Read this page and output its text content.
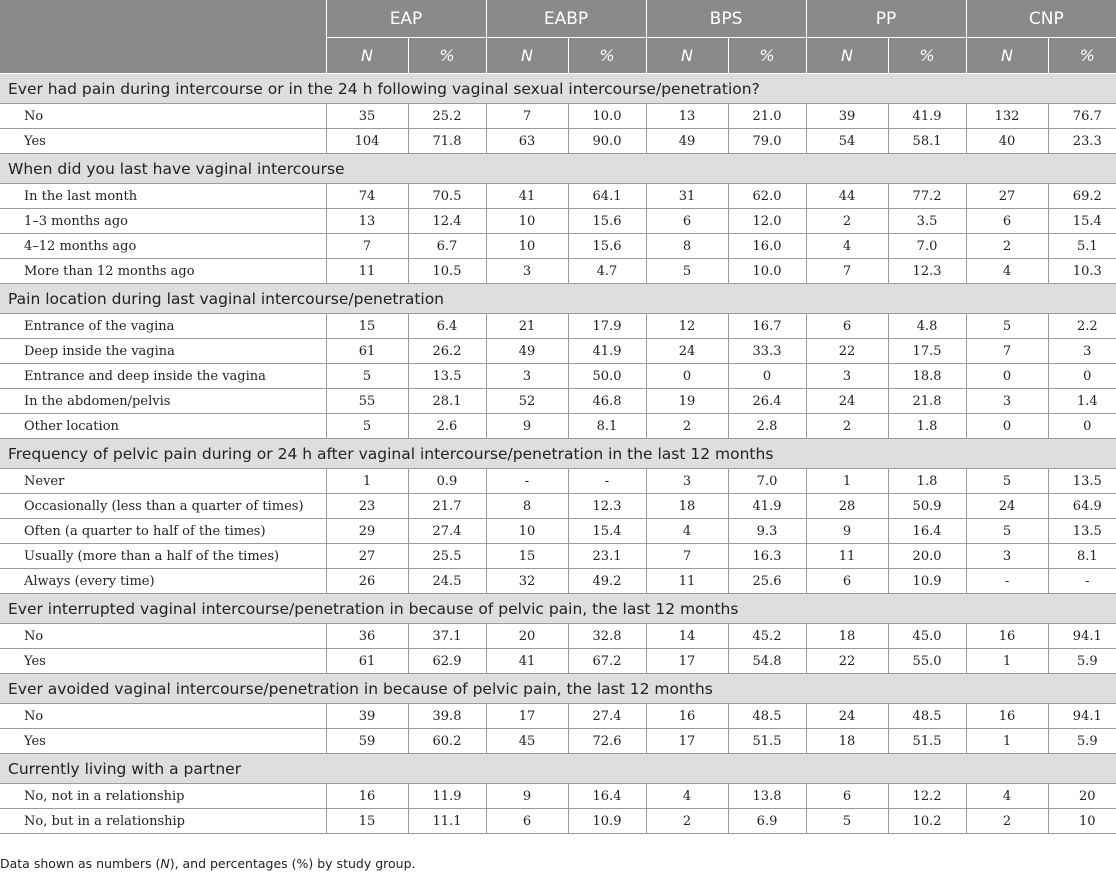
	EAP		EABP		BPS		PP		CNP	
	N	%	N	%	N	%	N	%	N	%
Ever had pain during intercourse or in the 24 h following vaginal sexual intercourse/penetration?										
No	35	25.2	7	10.0	13	21.0	39	41.9	132	76.7
Yes	104	71.8	63	90.0	49	79.0	54	58.1	40	23.3
When did you last have vaginal intercourse										
In the last month	74	70.5	41	64.1	31	62.0	44	77.2	27	69.2
1–3 months ago	13	12.4	10	15.6	6	12.0	2	3.5	6	15.4
4–12 months ago	7	6.7	10	15.6	8	16.0	4	7.0	2	5.1
More than 12 months ago	11	10.5	3	4.7	5	10.0	7	12.3	4	10.3
Pain location during last vaginal intercourse/penetration										
Entrance of the vagina	15	6.4	21	17.9	12	16.7	6	4.8	5	2.2
Deep inside the vagina	61	26.2	49	41.9	24	33.3	22	17.5	7	3
Entrance and deep inside the vagina	5	13.5	3	50.0	0	0	3	18.8	0	0
In the abdomen/pelvis	55	28.1	52	46.8	19	26.4	24	21.8	3	1.4
Other location	5	2.6	9	8.1	2	2.8	2	1.8	0	0
Frequency of pelvic pain during or 24 h after vaginal intercourse/penetration in the last 12 months										
Never	1	0.9	-	-	3	7.0	1	1.8	5	13.5
Occasionally (less than a quarter of times)	23	21.7	8	12.3	18	41.9	28	50.9	24	64.9
Often (a quarter to half of the times)	29	27.4	10	15.4	4	9.3	9	16.4	5	13.5
Usually (more than a half of the times)	27	25.5	15	23.1	7	16.3	11	20.0	3	8.1
Always (every time)	26	24.5	32	49.2	11	25.6	6	10.9	-	-
Ever interrupted vaginal intercourse/penetration in because of pelvic pain, the last 12 months										
No	36	37.1	20	32.8	14	45.2	18	45.0	16	94.1
Yes	61	62.9	41	67.2	17	54.8	22	55.0	1	5.9
Ever avoided vaginal intercourse/penetration in because of pelvic pain, the last 12 months										
No	39	39.8	17	27.4	16	48.5	24	48.5	16	94.1
Yes	59	60.2	45	72.6	17	51.5	18	51.5	1	5.9
Currently living with a partner										
No, not in a relationship	16	11.9	9	16.4	4	13.8	6	12.2	4	20
No, but in a relationship	15	11.1	6	10.9	2	6.9	5	10.2	2	10
Data shown as numbers (N), and percentages (%) by study group.
